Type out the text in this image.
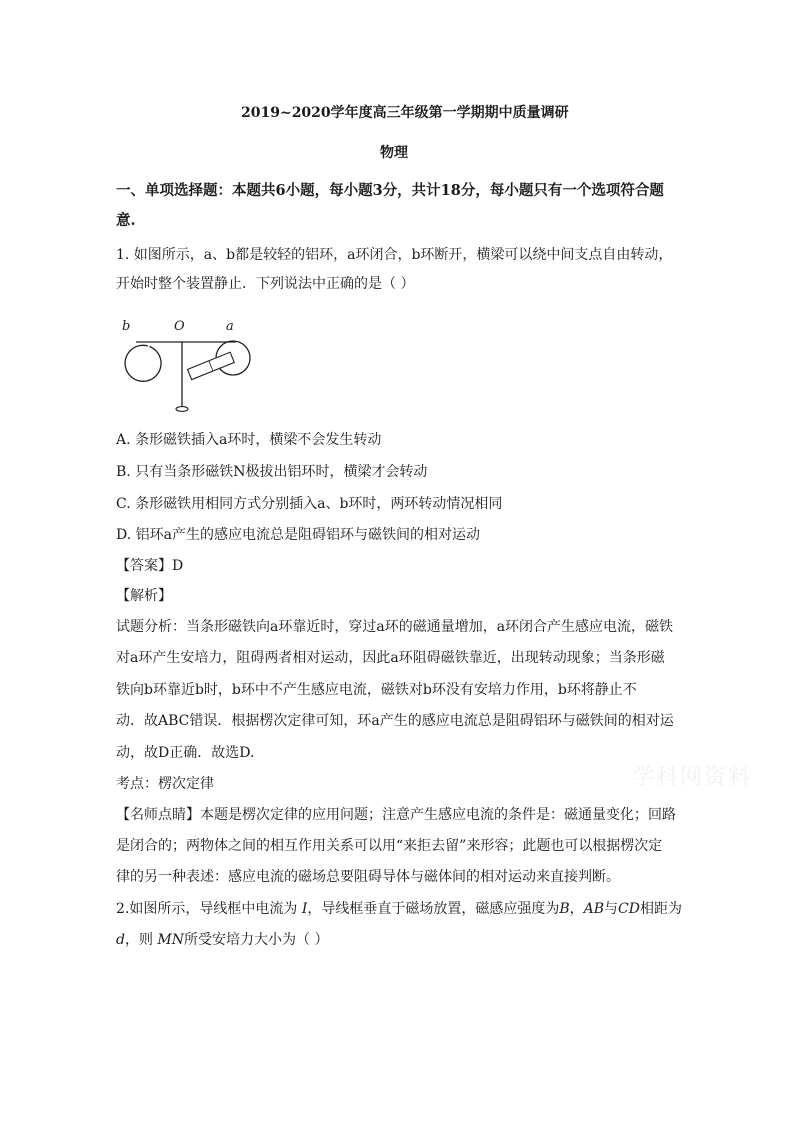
2019~2020学年度高三年级第一学期期中质量调研
物理
一、单项选择题：本题共6小题，每小题3分，共计18分，每小题只有一个选项符合题
意.
1. 如图所示，a、b都是较轻的铝环，a环闭合，b环断开，横梁可以绕中间支点自由转动，
开始时整个装置静止．下列说法中正确的是（ ）
b	O	a
A. 条形磁铁插入a环时，横梁不会发生转动
B. 只有当条形磁铁N极拔出铝环时，横梁才会转动
C. 条形磁铁用相同方式分别插入a、b环时，两环转动情况相同
D. 铝环a产生的感应电流总是阻碍铝环与磁铁间的相对运动
【答案】D
【解析】
试题分析：当条形磁铁向a环靠近时，穿过a环的磁通量增加，a环闭合产生感应电流，磁铁
对a环产生安培力，阻碍两者相对运动，因此a环阻碍磁铁靠近，出现转动现象；当条形磁
铁向b环靠近b时，b环中不产生感应电流，磁铁对b环没有安培力作用，b环将静止不
动．故ABC错误．根据楞次定律可知，环a产生的感应电流总是阻碍铝环与磁铁间的相对运
动，故D正确．故选D.
考点：楞次定律
【名师点睛】本题是楞次定律的应用问题；注意产生感应电流的条件是：磁通量变化；回路
是闭合的；两物体之间的相互作用关系可以用“来拒去留”来形容；此题也可以根据楞次定
律的另一种表述：感应电流的磁场总要阻碍导体与磁体间的相对运动来直接判断。
2.如图所示，导线框中电流为 I，导线框垂直于磁场放置，磁感应强度为B，AB与CD相距为
d，则 MN所受安培力大小为（ ）
学科网资料
